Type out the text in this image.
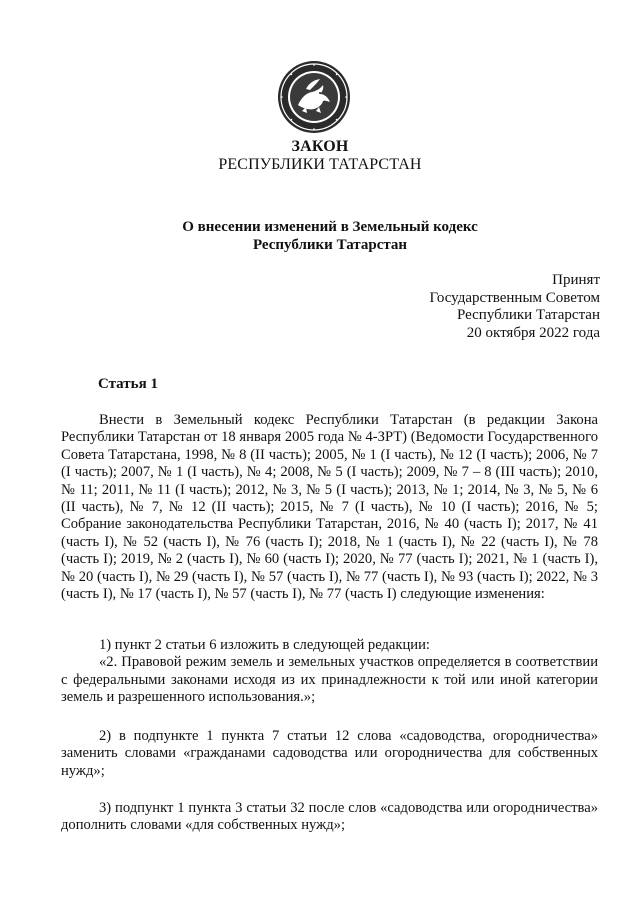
ЗАКОН
РЕСПУБЛИКИ ТАТАРСТАН
О внесении изменений в Земельный кодекс
Республики Татарстан
Принят
Государственным Советом
Республики Татарстан
20 октября 2022 года
Статья 1

Внести в Земельный кодекс Республики Татарстан (в редакции Закона Республики Татарстан от 18 января 2005 года № 4-ЗРТ) (Ведомости Государственного Совета Татарстана, 1998, № 8 (II часть); 2005, № 1 (I часть), № 12 (I часть); 2006, № 7 (I часть); 2007, № 1 (I часть), № 4; 2008, № 5 (I часть); 2009, № 7 – 8 (III часть); 2010, № 11; 2011, № 11 (I часть); 2012, № 3, № 5 (I часть); 2013, № 1; 2014, № 3, № 5, № 6 (II часть), № 7, № 12 (II часть); 2015, № 7 (I часть), № 10 (I часть); 2016, № 5; Собрание законодательства Республики Татарстан, 2016, № 40 (часть I); 2017, № 41 (часть I), № 52 (часть I), № 76 (часть I); 2018, № 1 (часть I), № 22 (часть I), № 78 (часть I); 2019, № 2 (часть I), № 60 (часть I); 2020, № 77 (часть I); 2021, № 1 (часть I), № 20 (часть I), № 29 (часть I), № 57 (часть I), № 77 (часть I), № 93 (часть I); 2022, № 3 (часть I), № 17 (часть I), № 57 (часть I), № 77 (часть I) следующие изменения:

1) пункт 2 статьи 6 изложить в следующей редакции:

«2. Правовой режим земель и земельных участков определяется в соответствии с федеральными законами исходя из их принадлежности к той или иной категории земель и разрешенного использования.»;

2) в подпункте 1 пункта 7 статьи 12 слова «садоводства, огородничества» заменить словами «гражданами садоводства или огородничества для собственных нужд»;

3) подпункт 1 пункта 3 статьи 32 после слов «садоводства или огородничества» дополнить словами «для собственных нужд»;
